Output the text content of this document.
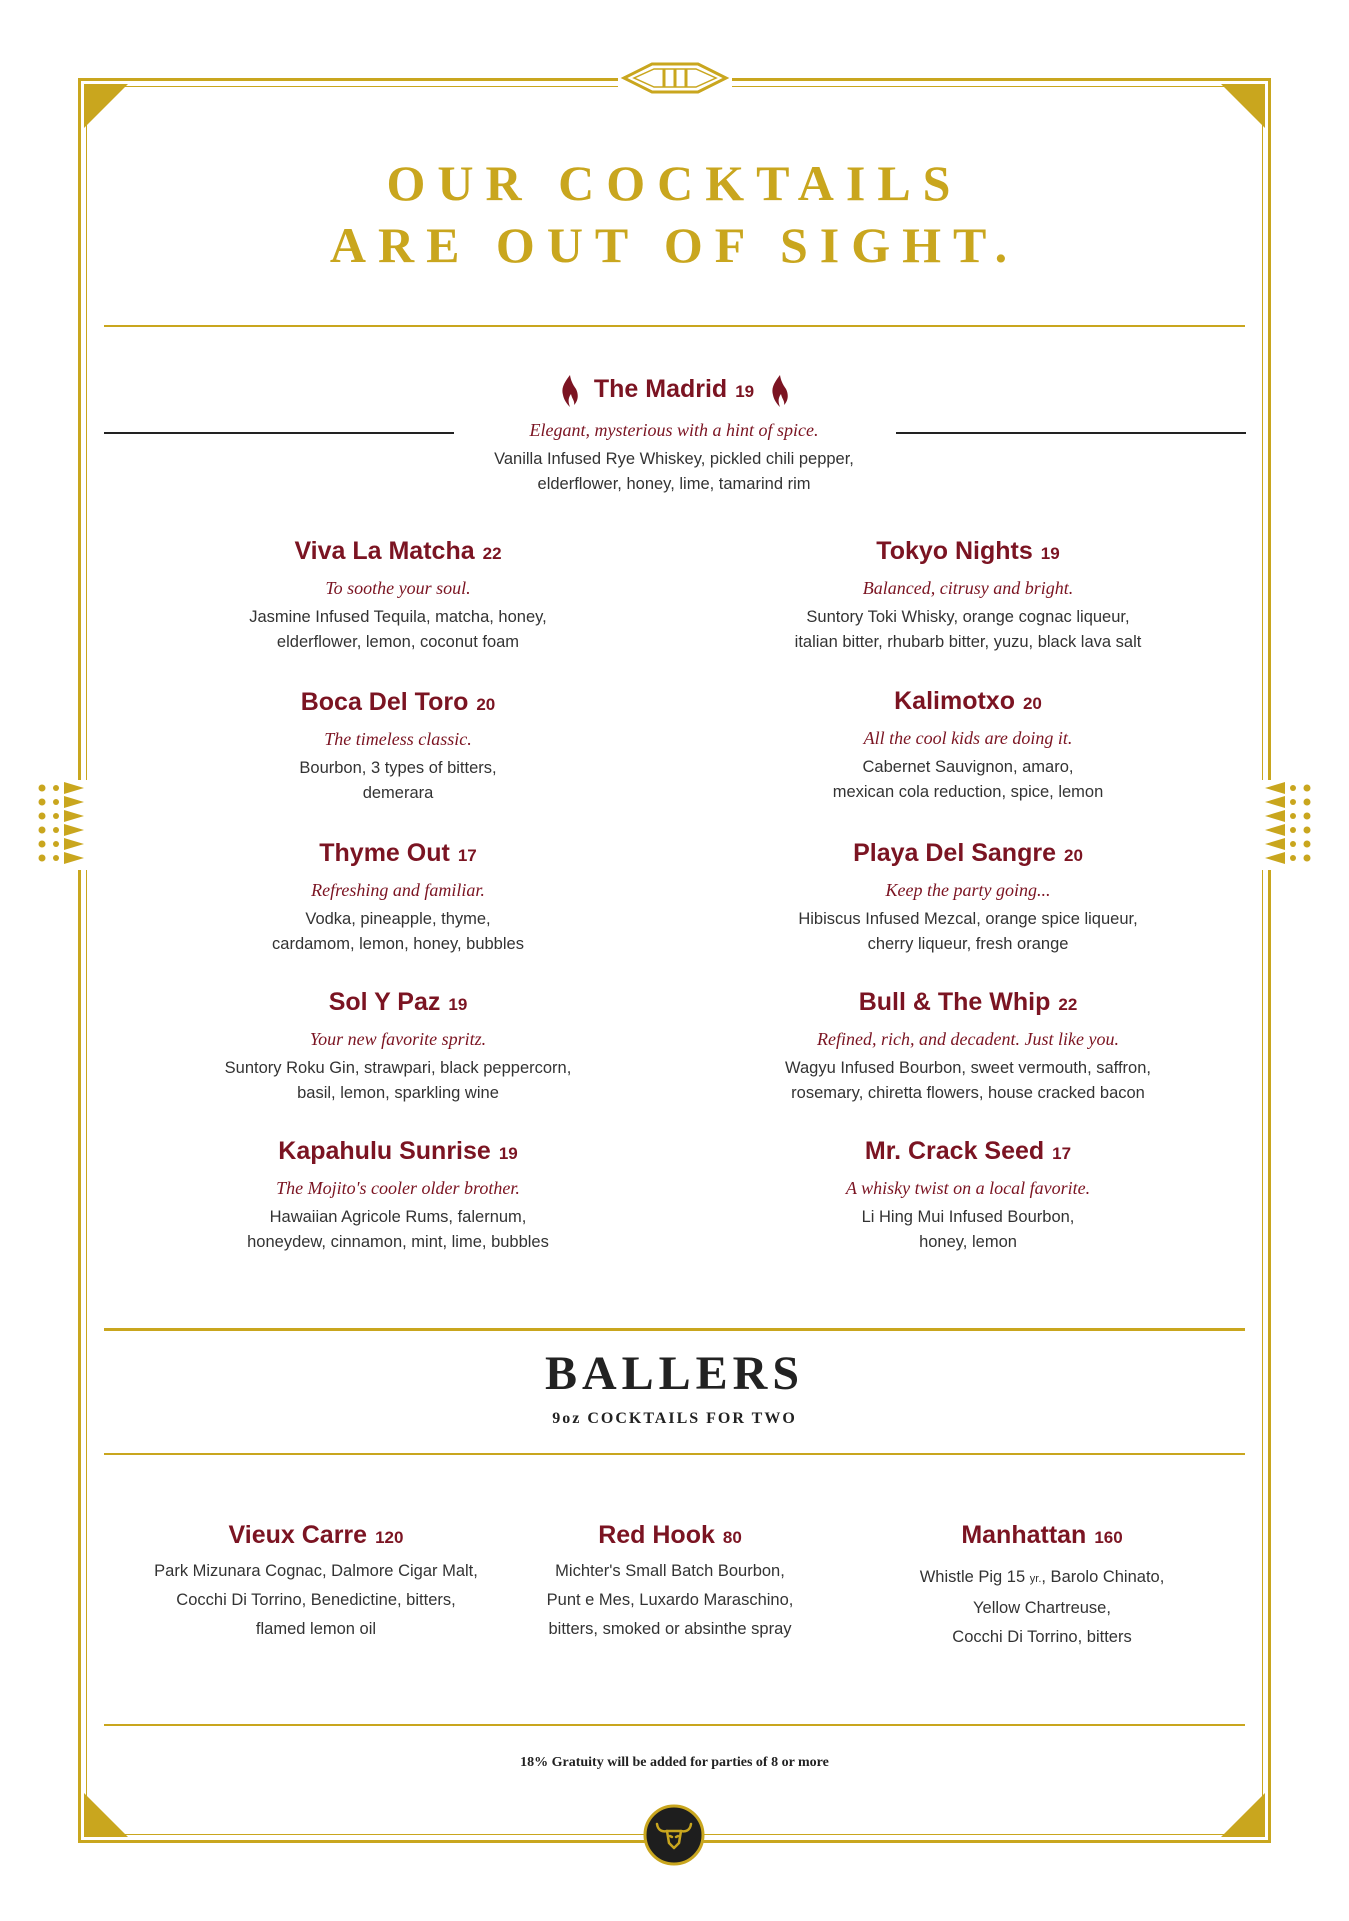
OUR COCKTAILS
ARE OUT OF SIGHT.
The Madrid 19
Elegant, mysterious with a hint of spice.
Vanilla Infused Rye Whiskey, pickled chili pepper,
elderflower, honey, lime, tamarind rim
Viva La Matcha 22
To soothe your soul.
Jasmine Infused Tequila, matcha, honey,
elderflower, lemon, coconut foam
Boca Del Toro 20
The timeless classic.
Bourbon, 3 types of bitters,
demerara
Thyme Out 17
Refreshing and familiar.
Vodka, pineapple, thyme,
cardamom, lemon, honey, bubbles
Sol Y Paz 19
Your new favorite spritz.
Suntory Roku Gin, strawpari, black peppercorn,
basil, lemon, sparkling wine
Kapahulu Sunrise 19
The Mojito's cooler older brother.
Hawaiian Agricole Rums, falernum,
honeydew, cinnamon, mint, lime, bubbles
Tokyo Nights 19
Balanced, citrusy and bright.
Suntory Toki Whisky, orange cognac liqueur,
italian bitter, rhubarb bitter, yuzu, black lava salt
Kalimotxo 20
All the cool kids are doing it.
Cabernet Sauvignon, amaro,
mexican cola reduction, spice, lemon
Playa Del Sangre 20
Keep the party going...
Hibiscus Infused Mezcal, orange spice liqueur,
cherry liqueur, fresh orange
Bull & The Whip 22
Refined, rich, and decadent. Just like you.
Wagyu Infused Bourbon, sweet vermouth, saffron,
rosemary, chiretta flowers, house cracked bacon
Mr. Crack Seed 17
A whisky twist on a local favorite.
Li Hing Mui Infused Bourbon,
honey, lemon
BALLERS
9oz COCKTAILS FOR TWO
Vieux Carre 120
Park Mizunara Cognac, Dalmore Cigar Malt,
Cocchi Di Torrino, Benedictine, bitters,
flamed lemon oil
Red Hook 80
Michter's Small Batch Bourbon,
Punt e Mes, Luxardo Maraschino,
bitters, smoked or absinthe spray
Manhattan 160
Whistle Pig 15 yr., Barolo Chinato,
Yellow Chartreuse,
Cocchi Di Torrino, bitters
18% Gratuity will be added for parties of 8 or more
